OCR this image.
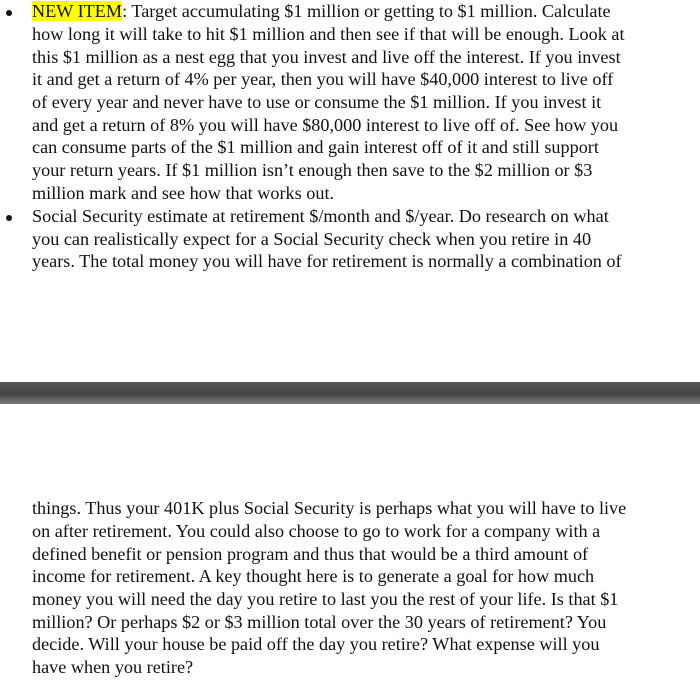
NEW ITEM: Target accumulating $1 million or getting to $1 million. Calculate
how long it will take to hit $1 million and then see if that will be enough. Look at
this $1 million as a nest egg that you invest and live off the interest. If you invest
it and get a return of 4% per year, then you will have $40,000 interest to live off
of every year and never have to use or consume the $1 million. If you invest it
and get a return of 8% you will have $80,000 interest to live off of. See how you
can consume parts of the $1 million and gain interest off of it and still support
your return years. If $1 million isn’t enough then save to the $2 million or $3
million mark and see how that works out.
Social Security estimate at retirement $/month and $/year. Do research on what
you can realistically expect for a Social Security check when you retire in 40
years. The total money you will have for retirement is normally a combination of
things. Thus your 401K plus Social Security is perhaps what you will have to live
on after retirement. You could also choose to go to work for a company with a
defined benefit or pension program and thus that would be a third amount of
income for retirement. A key thought here is to generate a goal for how much
money you will need the day you retire to last you the rest of your life. Is that $1
million? Or perhaps $2 or $3 million total over the 30 years of retirement? You
decide. Will your house be paid off the day you retire? What expense will you
have when you retire?
